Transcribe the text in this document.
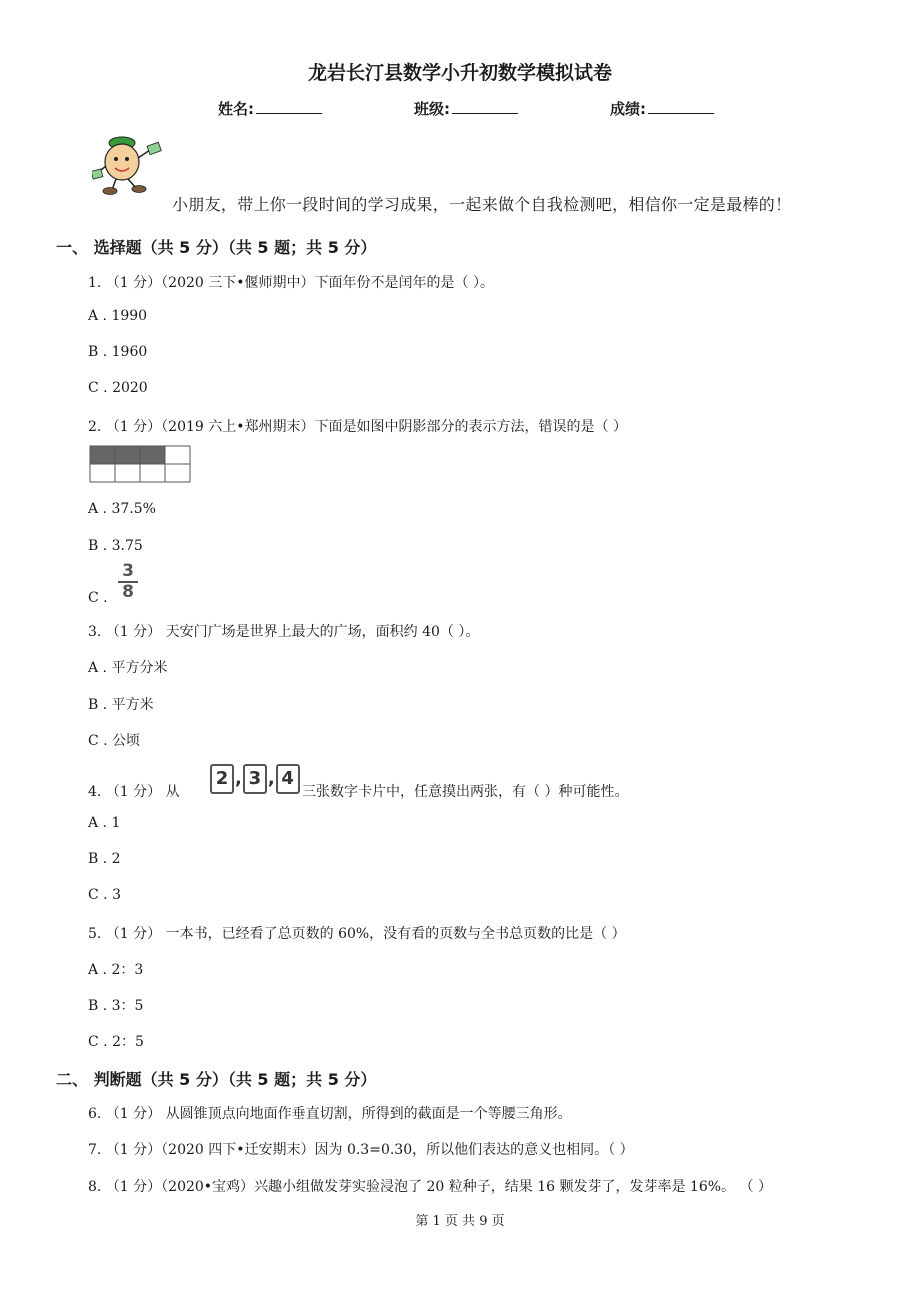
龙岩长汀县数学小升初数学模拟试卷
姓名:	班级:	成绩:
小朋友，带上你一段时间的学习成果，一起来做个自我检测吧，相信你一定是最棒的！
一、 选择题（共 5 分）（共 5 题；共 5 分）
1. （1 分）（2020 三下•偃师期中）下面年份不是闰年的是（ ）。
A . 1990
B . 1960
C . 2020
2. （1 分）（2019 六上•郑州期末）下面是如图中阴影部分的表示方法，错误的是（ ）
A . 37.5%
B . 3.75
C .
3
8
3. （1 分） 天安门广场是世界上最大的广场，面积约 40（ ）。
A . 平方分米
B . 平方米
C . 公顷
4. （1 分） 从
2 , 3 , 4
三张数字卡片中，任意摸出两张，有（ ）种可能性。
A . 1
B . 2
C . 3
5. （1 分） 一本书，已经看了总页数的 60%，没有看的页数与全书总页数的比是（ ）
A . 2：3
B . 3：5
C . 2：5
二、 判断题（共 5 分）（共 5 题；共 5 分）
6. （1 分） 从圆锥顶点向地面作垂直切割，所得到的截面是一个等腰三角形。
7. （1 分）（2020 四下•迁安期末）因为 0.3=0.30，所以他们表达的意义也相同。（ ）
8. （1 分）（2020•宝鸡）兴趣小组做发芽实验浸泡了 20 粒种子，结果 16 颗发芽了，发芽率是 16%。 （ ）
第 1 页 共 9 页
